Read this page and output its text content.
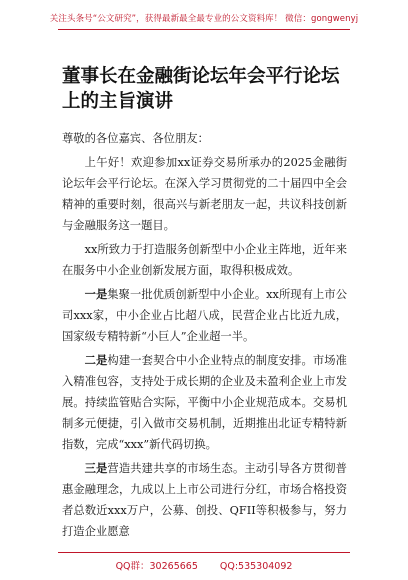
关注头条号“公文研究”，获得最新最全最专业的公文资料库！ 微信：gongwenyj
董事长在金融街论坛年会平行论坛上的主旨演讲

尊敬的各位嘉宾、各位朋友：

上午好！欢迎参加xx证券交易所承办的2025金融街论坛年会平行论坛。在深入学习贯彻党的二十届四中全会精神的重要时刻，很高兴与新老朋友一起，共议科技创新与金融服务这一题目。

xx所致力于打造服务创新型中小企业主阵地，近年来在服务中小企业创新发展方面，取得积极成效。

一是集聚一批优质创新型中小企业。xx所现有上市公司xxx家，中小企业占比超八成，民营企业占比近九成，国家级专精特新“小巨人”企业超一半。

二是构建一套契合中小企业特点的制度安排。市场准入精准包容，支持处于成长期的企业及未盈利企业上市发展。持续监管贴合实际，平衡中小企业规范成本。交易机制多元便捷，引入做市交易机制，近期推出北证专精特新指数，完成“xxx”新代码切换。

三是营造共建共享的市场生态。主动引导各方贯彻普惠金融理念，九成以上上市公司进行分红，市场合格投资者总数近xxx万户，公募、创投、QFII等积极参与，努力打造企业愿意

QQ群：30265665 QQ:535304092
